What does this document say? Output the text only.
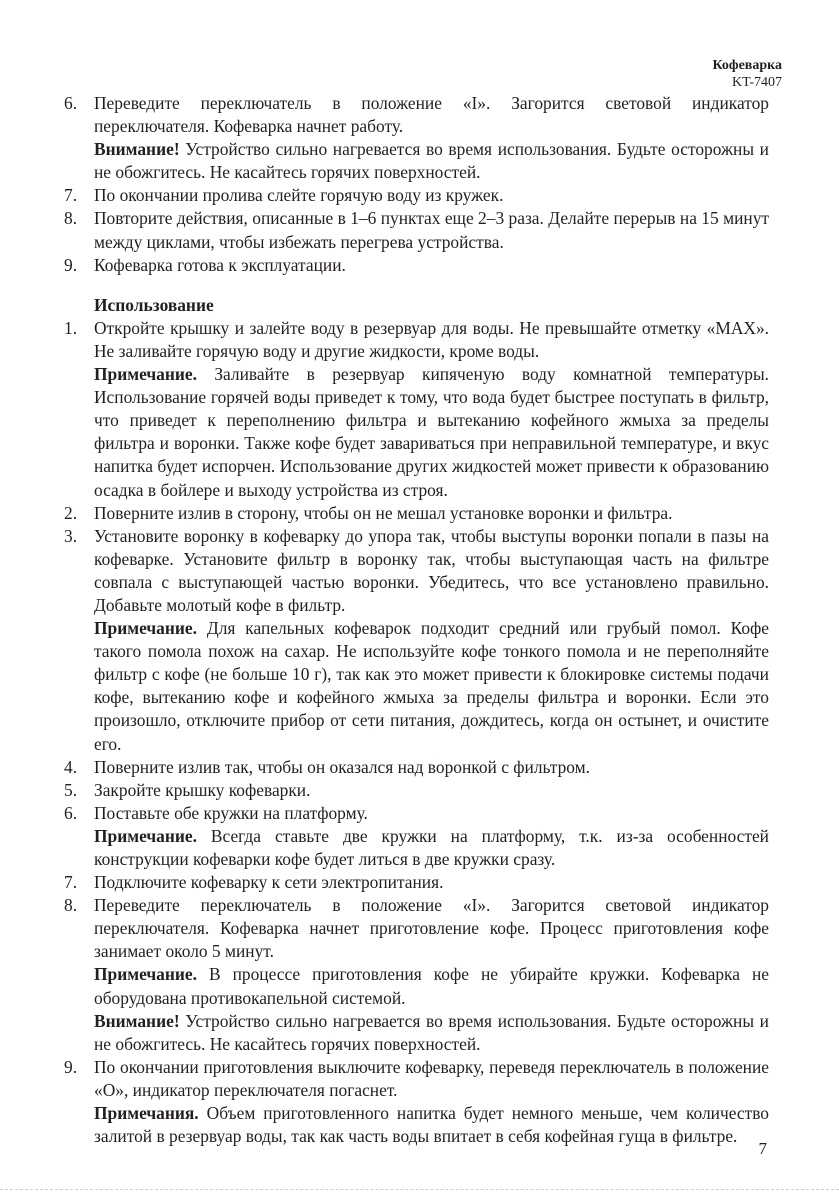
Кофеварка
KT-7407

6. Переведите переключатель в положение «I». Загорится световой индикатор переключателя. Кофеварка начнет работу.

Внимание! Устройство сильно нагревается во время использования. Будьте осторожны и не обожгитесь. Не касайтесь горячих поверхностей.

7. По окончании пролива слейте горячую воду из кружек.

8. Повторите действия, описанные в 1–6 пунктах еще 2–3 раза. Делайте перерыв на 15 минут между циклами, чтобы избежать перегрева устройства.

9. Кофеварка готова к эксплуатации.

Использование

1. Откройте крышку и залейте воду в резервуар для воды. Не превышайте отметку «MAX». Не заливайте горячую воду и другие жидкости, кроме воды.

Примечание. Заливайте в резервуар кипяченую воду комнатной температуры. Использование горячей воды приведет к тому, что вода будет быстрее поступать в фильтр, что приведет к переполнению фильтра и вытеканию кофейного жмыха за пределы фильтра и воронки. Также кофе будет завариваться при неправильной температуре, и вкус напитка будет испорчен. Использование других жидкостей может привести к образованию осадка в бойлере и выходу устройства из строя.

2. Поверните излив в сторону, чтобы он не мешал установке воронки и фильтра.

3. Установите воронку в кофеварку до упора так, чтобы выступы воронки попали в пазы на кофеварке. Установите фильтр в воронку так, чтобы выступающая часть на фильтре совпала с выступающей частью воронки. Убедитесь, что все установлено правильно. Добавьте молотый кофе в фильтр.

Примечание. Для капельных кофеварок подходит средний или грубый помол. Кофе такого помола похож на сахар. Не используйте кофе тонкого помола и не переполняйте фильтр с кофе (не больше 10 г), так как это может привести к блокировке системы подачи кофе, вытеканию кофе и кофейного жмыха за пределы фильтра и воронки. Если это произошло, отключите прибор от сети питания, дождитесь, когда он остынет, и очистите его.

4. Поверните излив так, чтобы он оказался над воронкой с фильтром.

5. Закройте крышку кофеварки.

6. Поставьте обе кружки на платформу.

Примечание. Всегда ставьте две кружки на платформу, т.к. из-за особенностей конструкции кофеварки кофе будет литься в две кружки сразу.

7. Подключите кофеварку к сети электропитания.

8. Переведите переключатель в положение «I». Загорится световой индикатор переключателя. Кофеварка начнет приготовление кофе. Процесс приготовления кофе занимает около 5 минут.

Примечание. В процессе приготовления кофе не убирайте кружки. Кофеварка не оборудована противокапельной системой.

Внимание! Устройство сильно нагревается во время использования. Будьте осторожны и не обожгитесь. Не касайтесь горячих поверхностей.

9. По окончании приготовления выключите кофеварку, переведя переключатель в положение «O», индикатор переключателя погаснет.

Примечания. Объем приготовленного напитка будет немного меньше, чем количество залитой в резервуар воды, так как часть воды впитает в себя кофейная гуща в фильтре.

7
